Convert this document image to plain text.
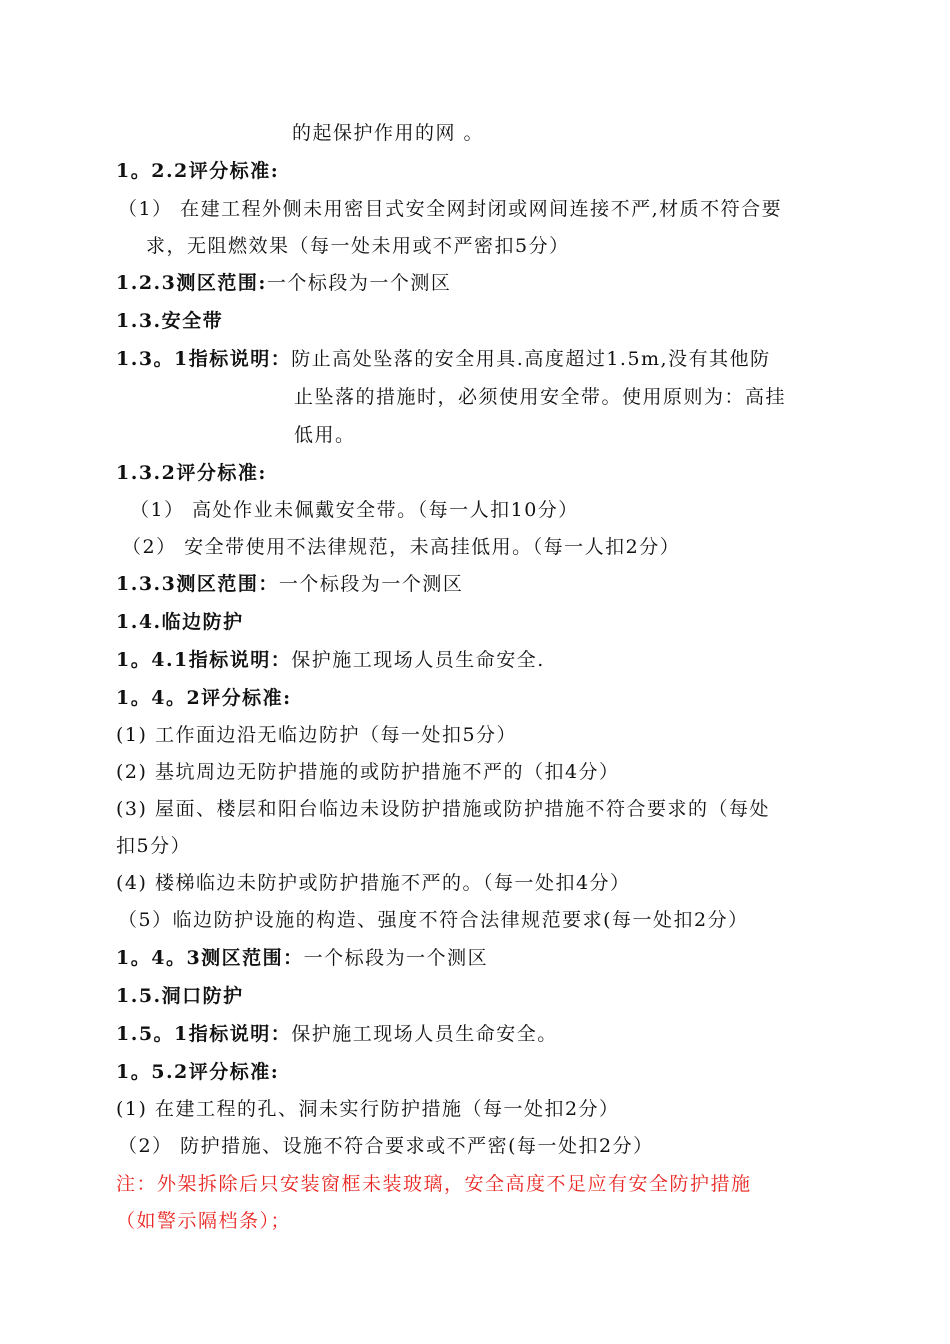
的起保护作用的网 。
1。2.2评分标准:
（1） 在建工程外侧未用密目式安全网封闭或网间连接不严,材质不符合要
求，无阻燃效果（每一处未用或不严密扣5分）
1.2.3测区范围:一个标段为一个测区
1.3.安全带
1.3。1指标说明：防止高处坠落的安全用具.高度超过1.5m,没有其他防
止坠落的措施时，必须使用安全带。使用原则为：高挂
低用。
1.3.2评分标准:
（1） 高处作业未佩戴安全带。（每一人扣10分）
（2） 安全带使用不法律规范，未高挂低用。（每一人扣2分）
1.3.3测区范围：一个标段为一个测区
1.4.临边防护
1。4.1指标说明：保护施工现场人员生命安全.
1。4。2评分标准:
(1) 工作面边沿无临边防护（每一处扣5分）
(2) 基坑周边无防护措施的或防护措施不严的（扣4分）
(3) 屋面、楼层和阳台临边未设防护措施或防护措施不符合要求的（每处
扣5分）
(4) 楼梯临边未防护或防护措施不严的。（每一处扣4分）
（5）临边防护设施的构造、强度不符合法律规范要求(每一处扣2分）
1。4。3测区范围：一个标段为一个测区
1.5.洞口防护
1.5。1指标说明：保护施工现场人员生命安全。
1。5.2评分标准:
(1) 在建工程的孔、洞未实行防护措施（每一处扣2分）
（2） 防护措施、设施不符合要求或不严密(每一处扣2分）
注：外架拆除后只安装窗框未装玻璃，安全高度不足应有安全防护措施
（如警示隔档条）；
